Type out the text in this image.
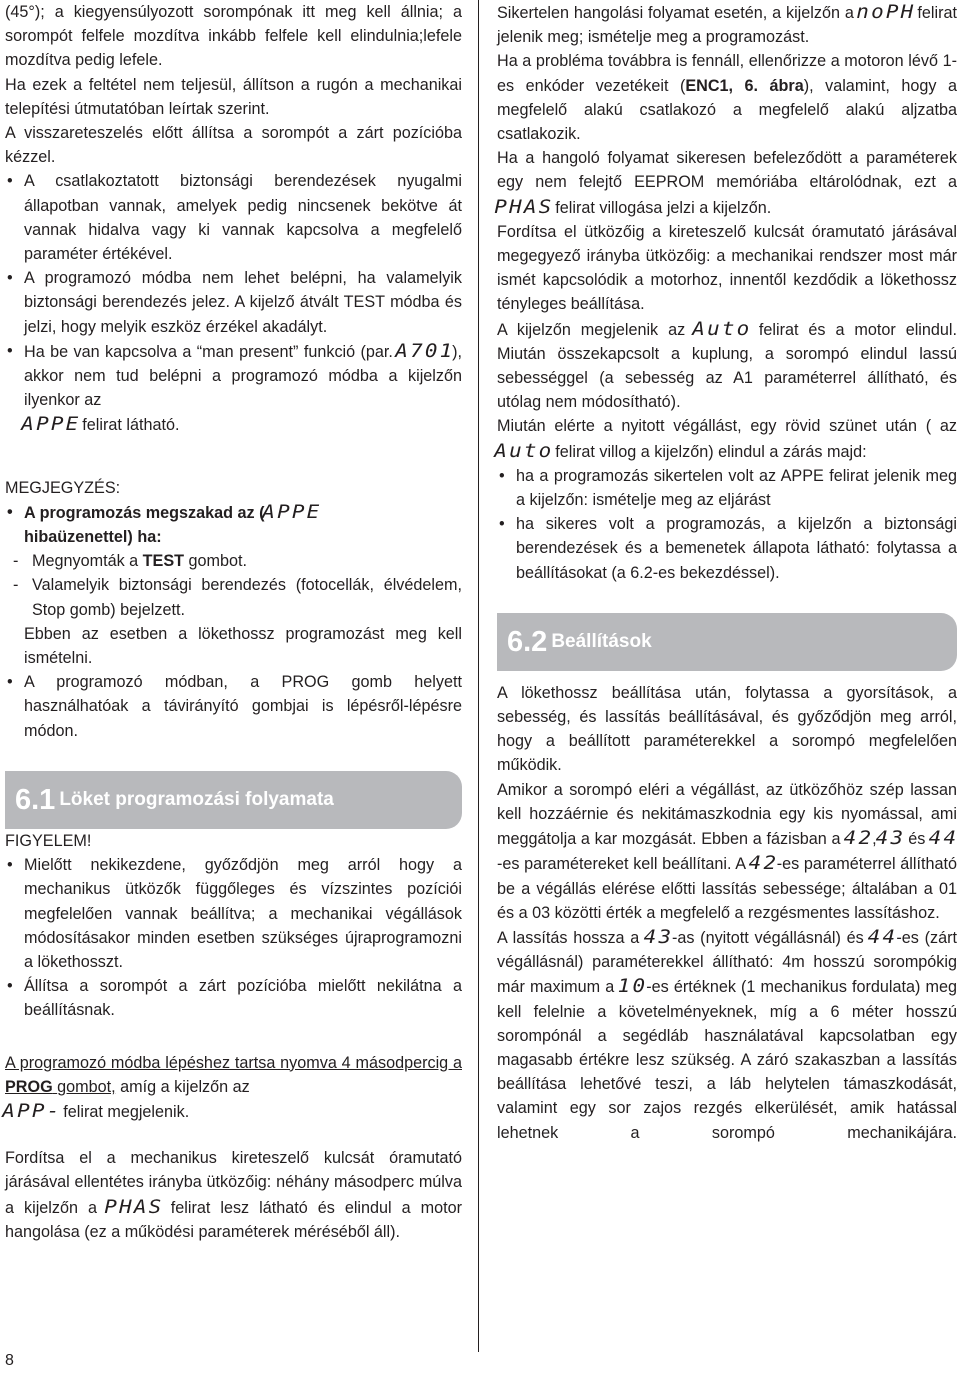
(45°); a kiegyensúlyozott sorompónak itt meg kell állnia; a sorompót felfele mozdítva inkább felfele kell elindulnia;lefele mozdítva pedig lefele.

Ha ezek a feltétel nem teljesül, állítson a rugón a mechanikai telepítési útmutatóban leírtak szerint.

A visszareteszelés előtt állítsa a sorompót a zárt pozícióba kézzel.

• A csatlakoztatott biztonsági berendezések nyugalmi állapotban vannak, amelyek pedig nincsenek bekötve át vannak hidalva vagy ki vannak kapcsolva a megfelelő paraméter értékével.
• A programozó módba nem lehet belépni, ha valamelyik biztonsági berendezés jelez. A kijelző átvált TEST módba és jelzi, hogy melyik eszköz érzékel akadályt.
• Ha be van kapcsolva a “man present” funkció (par. A701), akkor nem tud belépni a programozó módba a kijelzőn ilyenkor az
APPE felirat látható.

MEGJEGYZÉS:

• A programozás megszakad az (APPE
hibaüzenettel) ha:
- Megnyomták a TEST gombot.
- Valamelyik biztonsági berendezés (fotocellák, élvédelem, Stop gomb) bejelzett.

Ebben az esetben a lökethossz programozást meg kell ismételni.

• A programozó módban, a PROG gomb helyett használhatóak a távirányító gombjai is lépésről-lépésre módon.
6.1 Löket programozási folyamata

FIGYELEM!

• Mielőtt nekikezdene, győződjön meg arról hogy a mechanikus ütközők függőleges és vízszintes pozíciói megfelelően vannak beállítva; a mechanikai végállások módosításakor minden esetben szükséges újraprogramozni a lökethosszt.
• Állítsa a sorompót a zárt pozícióba mielőtt nekilátna a beállításnak.

A programozó módba lépéshez tartsa nyomva 4 másodpercig a PROG gombot, amíg a kijelzőn az
APP- felirat megjelenik.

Fordítsa el a mechanikus kireteszelő kulcsát óramutató járásával ellentétes irányba ütközőig: néhány másodperc múlva a kijelzőn a PHAS felirat lesz látható és elindul a motor hangolása (ez a működési paraméterek méréséből áll).

Sikertelen hangolási folyamat esetén, a kijelzőn a noPH felirat jelenik meg; ismételje meg a programozást.

Ha a probléma továbbra is fennáll, ellenőrizze a motoron lévő 1-es enkóder vezetékeit (ENC1, 6. ábra), valamint, hogy a megfelelő alakú csatlakozó a megfelelő alakú aljzatba csatlakozik.

Ha a hangoló folyamat sikeresen befeleződött a paraméterek egy nem felejtő EEPROM memóriába eltárolódnak, ezt a PHAS felirat villogása jelzi a kijelzőn.

Fordítsa el ütközőig a kireteszelő kulcsát óramutató járásával megegyező irányba ütközőig: a mechanikai rendszer most már ismét kapcsolódik a motorhoz, innentől kezdődik a lökethossz tényleges beállítása.

A kijelzőn megjelenik az Auto felirat és a motor elindul. Miután összekapcsolt a kuplung, a sorompó elindul lassú sebességgel (a sebesség az A1 paraméterrel állítható, és utólag nem módosítható).

Miután elérte a nyitott végállást, egy rövid szünet után ( azAuto felirat villog a kijelzőn) elindul a zárás majd:

• ha a programozás sikertelen volt az APPE felirat jelenik meg a kijelzőn: ismételje meg az eljárást
• ha sikeres volt a programozás, a kijelzőn a biztonsági berendezések és a bemenetek állapota látható: folytassa a beállításokat (a 6.2-es bekezdéssel).
6.2 Beállítások

A lökethossz beállítása után, folytassa a gyorsítások, a sebesség, és lassítás beállításával, és győződjön meg arról, hogy a beállított paraméterekkel a sorompó megfelelően működik.

Amikor a sorompó eléri a végállást, az ütközőhöz szép lassan kell hozzáérnie és nekitámaszkodnia egy kis nyomással, ami meggátolja a kar mozgását. Ebben a fázisban a 42,43 és 44-es paramétereket kell beállítani. A 42-es paraméterrel állítható be a végállás elérése előtti lassítás sebessége; általában a 01 és a 03 közötti érték a megfelelő a rezgésmentes lassításhoz.

A lassítás hossza a 43-as (nyitott végállásnál) és 44-es (zárt végállásnál) paraméterekkel állítható: 4m hosszú sorompókig már maximum a 10-es értéknek (1 mechanikus fordulata) meg kell felelnie a követelményeknek, míg a 6 méter hosszú sorompónál a segédláb használatával kapcsolatban egy magasabb értékre lesz szükség. A záró szakaszban a lassítás beállítása lehetővé teszi, a láb helytelen támaszkodását, valamint egy sor zajos rezgés elkerülését, amik hatással lehetnek a sorompó mechanikájára.

8
